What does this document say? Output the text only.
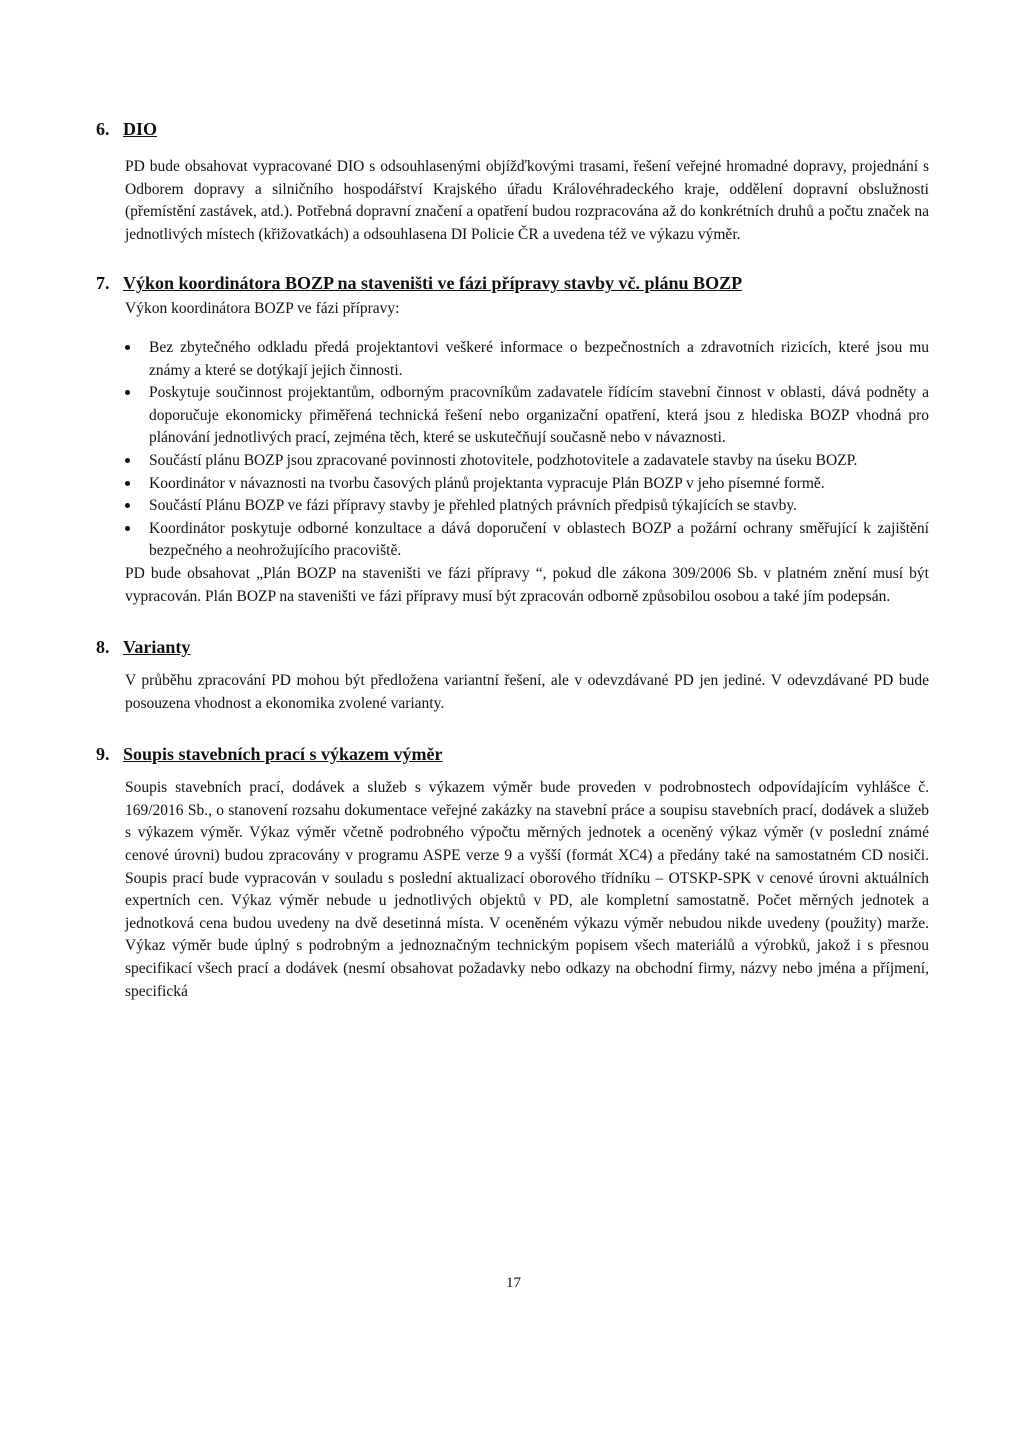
6. DIO

PD bude obsahovat vypracované DIO s odsouhlasenými objížďkovými trasami, řešení veřejné hromadné dopravy, projednání s Odborem dopravy a silničního hospodářství Krajského úřadu Královéhradeckého kraje, oddělení dopravní obslužnosti (přemístění zastávek, atd.). Potřebná dopravní značení a opatření budou rozpracována až do konkrétních druhů a počtu značek na jednotlivých místech (křižovatkách) a odsouhlasena DI Policie ČR a uvedena též ve výkazu výměr.

7. Výkon koordinátora BOZP na staveništi ve fázi přípravy stavby vč. plánu BOZP

Výkon koordinátora BOZP ve fázi přípravy:

Bez zbytečného odkladu předá projektantovi veškeré informace o bezpečnostních a zdravotních rizicích, které jsou mu známy a které se dotýkají jejich činnosti.
Poskytuje součinnost projektantům, odborným pracovníkům zadavatele řídícím stavební činnost v oblasti, dává podněty a doporučuje ekonomicky přiměřená technická řešení nebo organizační opatření, která jsou z hlediska BOZP vhodná pro plánování jednotlivých prací, zejména těch, které se uskutečňují současně nebo v návaznosti.
Součástí plánu BOZP jsou zpracované povinnosti zhotovitele, podzhotovitele a zadavatele stavby na úseku BOZP.
Koordinátor v návaznosti na tvorbu časových plánů projektanta vypracuje Plán BOZP v jeho písemné formě.
Součástí Plánu BOZP ve fázi přípravy stavby je přehled platných právních předpisů týkajících se stavby.
Koordinátor poskytuje odborné konzultace a dává doporučení v oblastech BOZP a požární ochrany směřující k zajištění bezpečného a neohrožujícího pracoviště.

PD bude obsahovat „Plán BOZP na staveništi ve fázi přípravy “, pokud dle zákona 309/2006 Sb. v platném znění musí být vypracován. Plán BOZP na staveništi ve fázi přípravy musí být zpracován odborně způsobilou osobou a také jím podepsán.

8. Varianty

V průběhu zpracování PD mohou být předložena variantní řešení, ale v odevzdávané PD jen jediné. V odevzdávané PD bude posouzena vhodnost a ekonomika zvolené varianty.

9. Soupis stavebních prací s výkazem výměr

Soupis stavebních prací, dodávek a služeb s výkazem výměr bude proveden v podrobnostech odpovídajícím vyhlášce č. 169/2016 Sb., o stanovení rozsahu dokumentace veřejné zakázky na stavební práce a soupisu stavebních prací, dodávek a služeb s výkazem výměr. Výkaz výměr včetně podrobného výpočtu měrných jednotek a oceněný výkaz výměr (v poslední známé cenové úrovni) budou zpracovány v programu ASPE verze 9 a vyšší (formát XC4) a předány také na samostatném CD nosiči. Soupis prací bude vypracován v souladu s poslední aktualizací oborového třídníku – OTSKP-SPK v cenové úrovni aktuálních expertních cen. Výkaz výměr nebude u jednotlivých objektů v PD, ale kompletní samostatně. Počet měrných jednotek a jednotková cena budou uvedeny na dvě desetinná místa. V oceněném výkazu výměr nebudou nikde uvedeny (použity) marže. Výkaz výměr bude úplný s podrobným a jednoznačným technickým popisem všech materiálů a výrobků, jakož i s přesnou specifikací všech prací a dodávek (nesmí obsahovat požadavky nebo odkazy na obchodní firmy, názvy nebo jména a příjmení, specifická

17
